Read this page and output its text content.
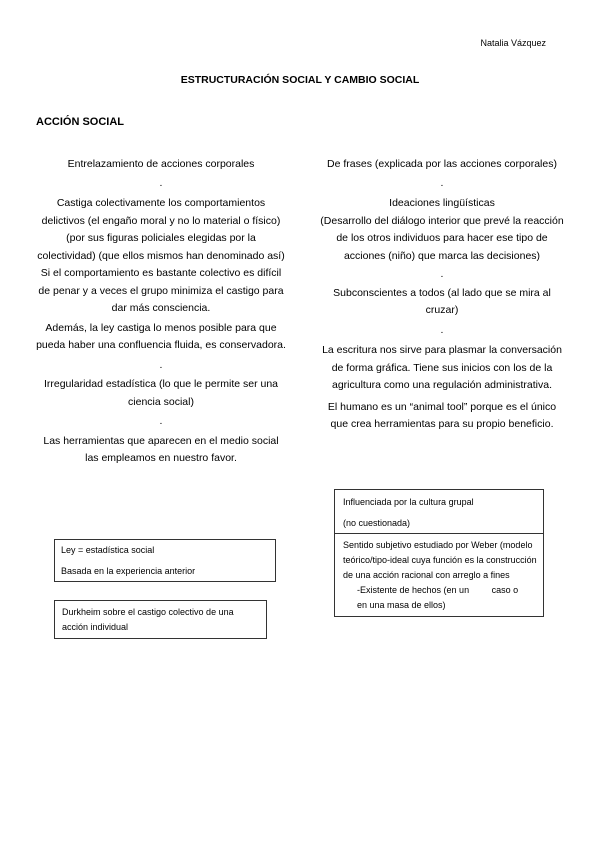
Natalia Vázquez
ESTRUCTURACIÓN SOCIAL Y CAMBIO SOCIAL
ACCIÓN SOCIAL

Entrelazamiento de acciones corporales

.

Castiga colectivamente los comportamientos delictivos (el engaño moral y no lo material o físico)

(por sus figuras policiales elegidas por la colectividad) (que ellos mismos han denominado así)

Si el comportamiento es bastante colectivo es difícil de penar y a veces el grupo minimiza el castigo para dar más consciencia.

Además, la ley castiga lo menos posible para que pueda haber una confluencia fluida, es conservadora.

.

Irregularidad estadística (lo que le permite ser una ciencia social)

.

Las herramientas que aparecen en el medio social las empleamos en nuestro favor.

De frases (explicada por las acciones corporales)

.

Ideaciones lingüísticas

(Desarrollo del diálogo interior que prevé la reacción de los otros individuos para hacer ese tipo de acciones (niño) que marca las decisiones)

.

Subconscientes a todos (al lado que se mira al cruzar)

.

La escritura nos sirve para plasmar la conversación de forma gráfica. Tiene sus inicios con los de la agricultura como una regulación administrativa.

El humano es un “animal tool” porque es el único que crea herramientas para su propio beneficio.

Ley = estadística social

Basada en la experiencia anterior

Durkheim sobre el castigo colectivo de una acción individual

Influenciada por la cultura grupal

(no cuestionada)

Sentido subjetivo estudiado por Weber (modelo teórico/tipo-ideal cuya función es la construcción de una acción racional con arreglo a fines

-Existente de hechos (en un         caso o

en una masa de ellos)
